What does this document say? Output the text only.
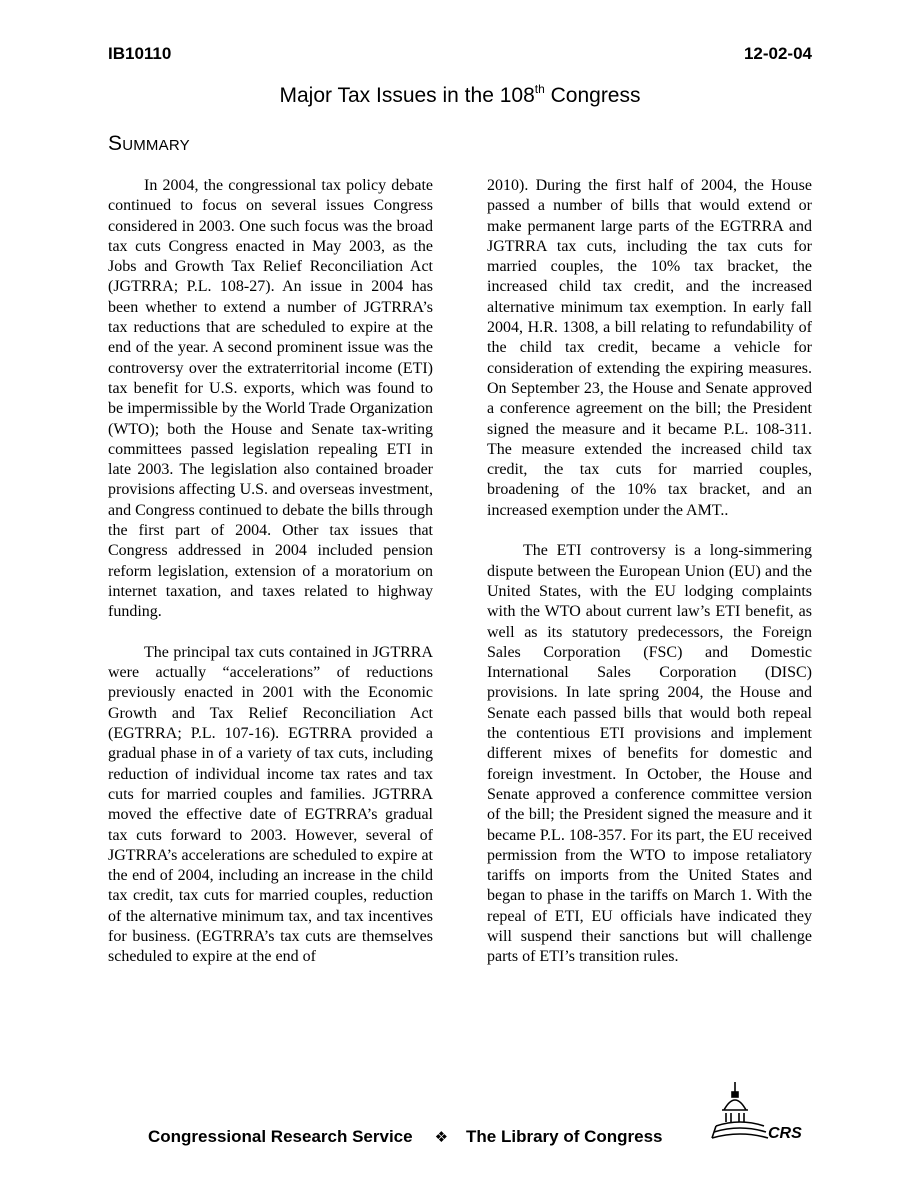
IB10110	12-02-04
Major Tax Issues in the 108th Congress
Summary

In 2004, the congressional tax policy debate continued to focus on several issues Congress considered in 2003. One such focus was the broad tax cuts Congress enacted in May 2003, as the Jobs and Growth Tax Relief Reconciliation Act (JGTRRA; P.L. 108-27). An issue in 2004 has been whether to extend a number of JGTRRA’s tax reductions that are scheduled to expire at the end of the year. A second prominent issue was the controversy over the extraterritorial income (ETI) tax benefit for U.S. exports, which was found to be impermissible by the World Trade Organization (WTO); both the House and Senate tax-writing committees passed legislation repealing ETI in late 2003. The legislation also contained broader provisions affecting U.S. and overseas investment, and Congress continued to debate the bills through the first part of 2004. Other tax issues that Congress addressed in 2004 included pension reform legislation, extension of a moratorium on internet taxation, and taxes related to highway funding.

The principal tax cuts contained in JGTRRA were actually “accelerations” of reductions previously enacted in 2001 with the Economic Growth and Tax Relief Reconciliation Act (EGTRRA; P.L. 107-16). EGTRRA provided a gradual phase in of a variety of tax cuts, including reduction of individual income tax rates and tax cuts for married couples and families. JGTRRA moved the effective date of EGTRRA’s gradual tax cuts forward to 2003. However, several of JGTRRA’s accelerations are scheduled to expire at the end of 2004, including an increase in the child tax credit, tax cuts for married couples, reduction of the alternative minimum tax, and tax incentives for business. (EGTRRA’s tax cuts are themselves scheduled to expire at the end of

2010). During the first half of 2004, the House passed a number of bills that would extend or make permanent large parts of the EGTRRA and JGTRRA tax cuts, including the tax cuts for married couples, the 10% tax bracket, the increased child tax credit, and the increased alternative minimum tax exemption. In early fall 2004, H.R. 1308, a bill relating to refundability of the child tax credit, became a vehicle for consideration of extending the expiring measures. On September 23, the House and Senate approved a conference agreement on the bill; the President signed the measure and it became P.L. 108-311. The measure extended the increased child tax credit, the tax cuts for married couples, broadening of the 10% tax bracket, and an increased exemption under the AMT..

The ETI controversy is a long-simmering dispute between the European Union (EU) and the United States, with the EU lodging complaints with the WTO about current law’s ETI benefit, as well as its statutory predecessors, the Foreign Sales Corporation (FSC) and Domestic International Sales Corporation (DISC) provisions. In late spring 2004, the House and Senate each passed bills that would both repeal the contentious ETI provisions and implement different mixes of benefits for domestic and foreign investment. In October, the House and Senate approved a conference committee version of the bill; the President signed the measure and it became P.L. 108-357. For its part, the EU received permission from the WTO to impose retaliatory tariffs on imports from the United States and began to phase in the tariffs on March 1. With the repeal of ETI, EU officials have indicated they will suspend their sanctions but will challenge parts of ETI’s transition rules.

Congressional Research Service ❖ The Library of Congress	CRS
